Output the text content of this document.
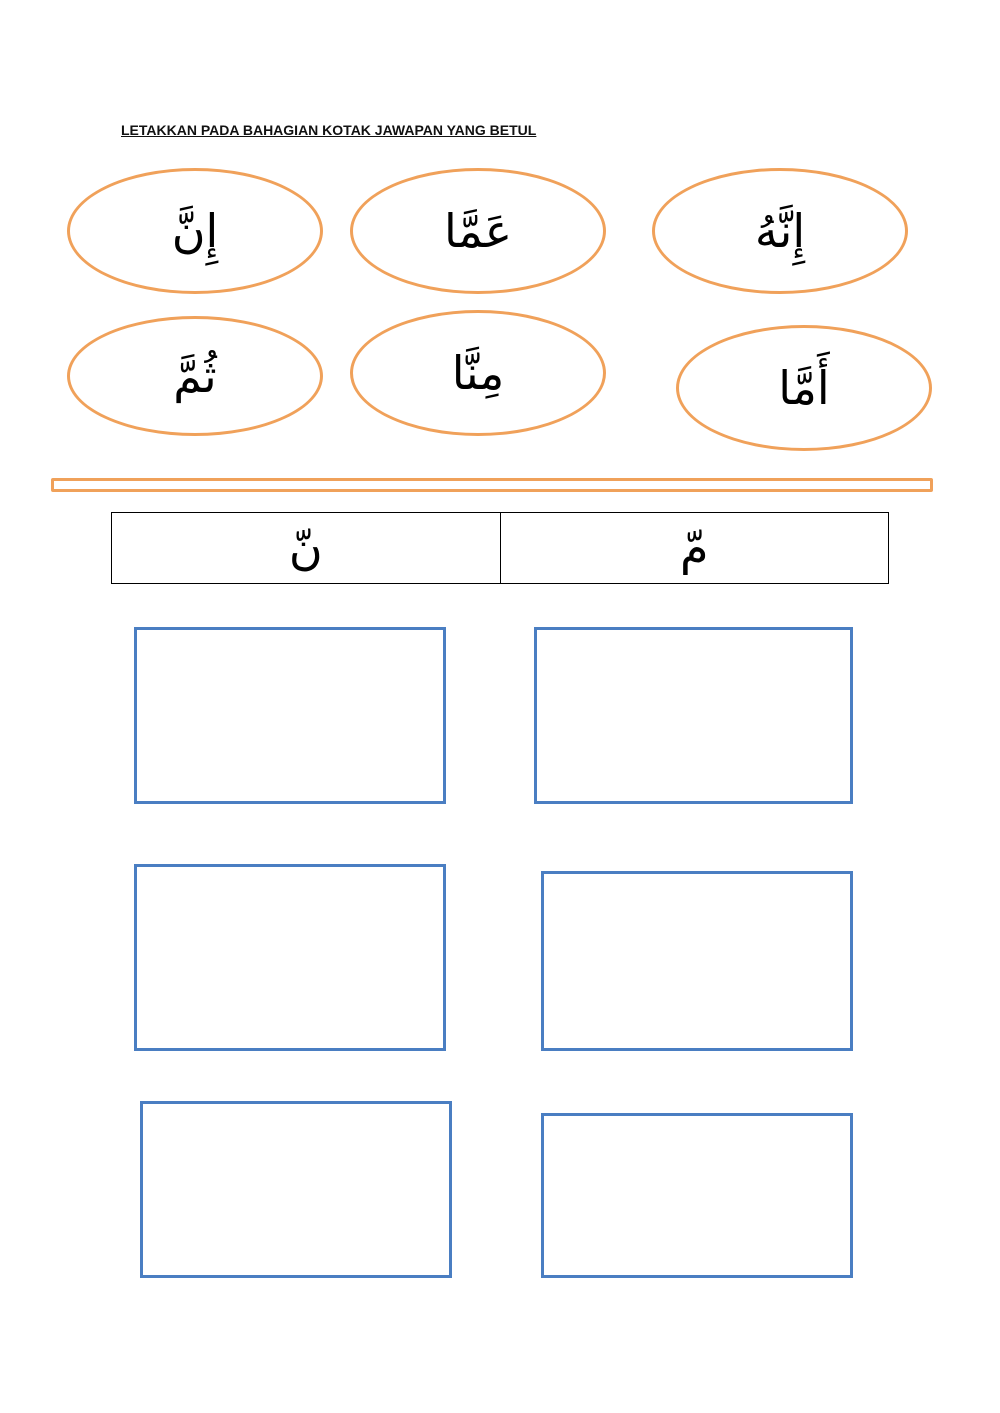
LETAKKAN PADA BAHAGIAN KOTAK JAWAPAN YANG BETUL
إِنَّ	عَمَّا	إِنَّهُ
ثُمَّ	مِنَّا	أَمَّا
نّ	مّ
